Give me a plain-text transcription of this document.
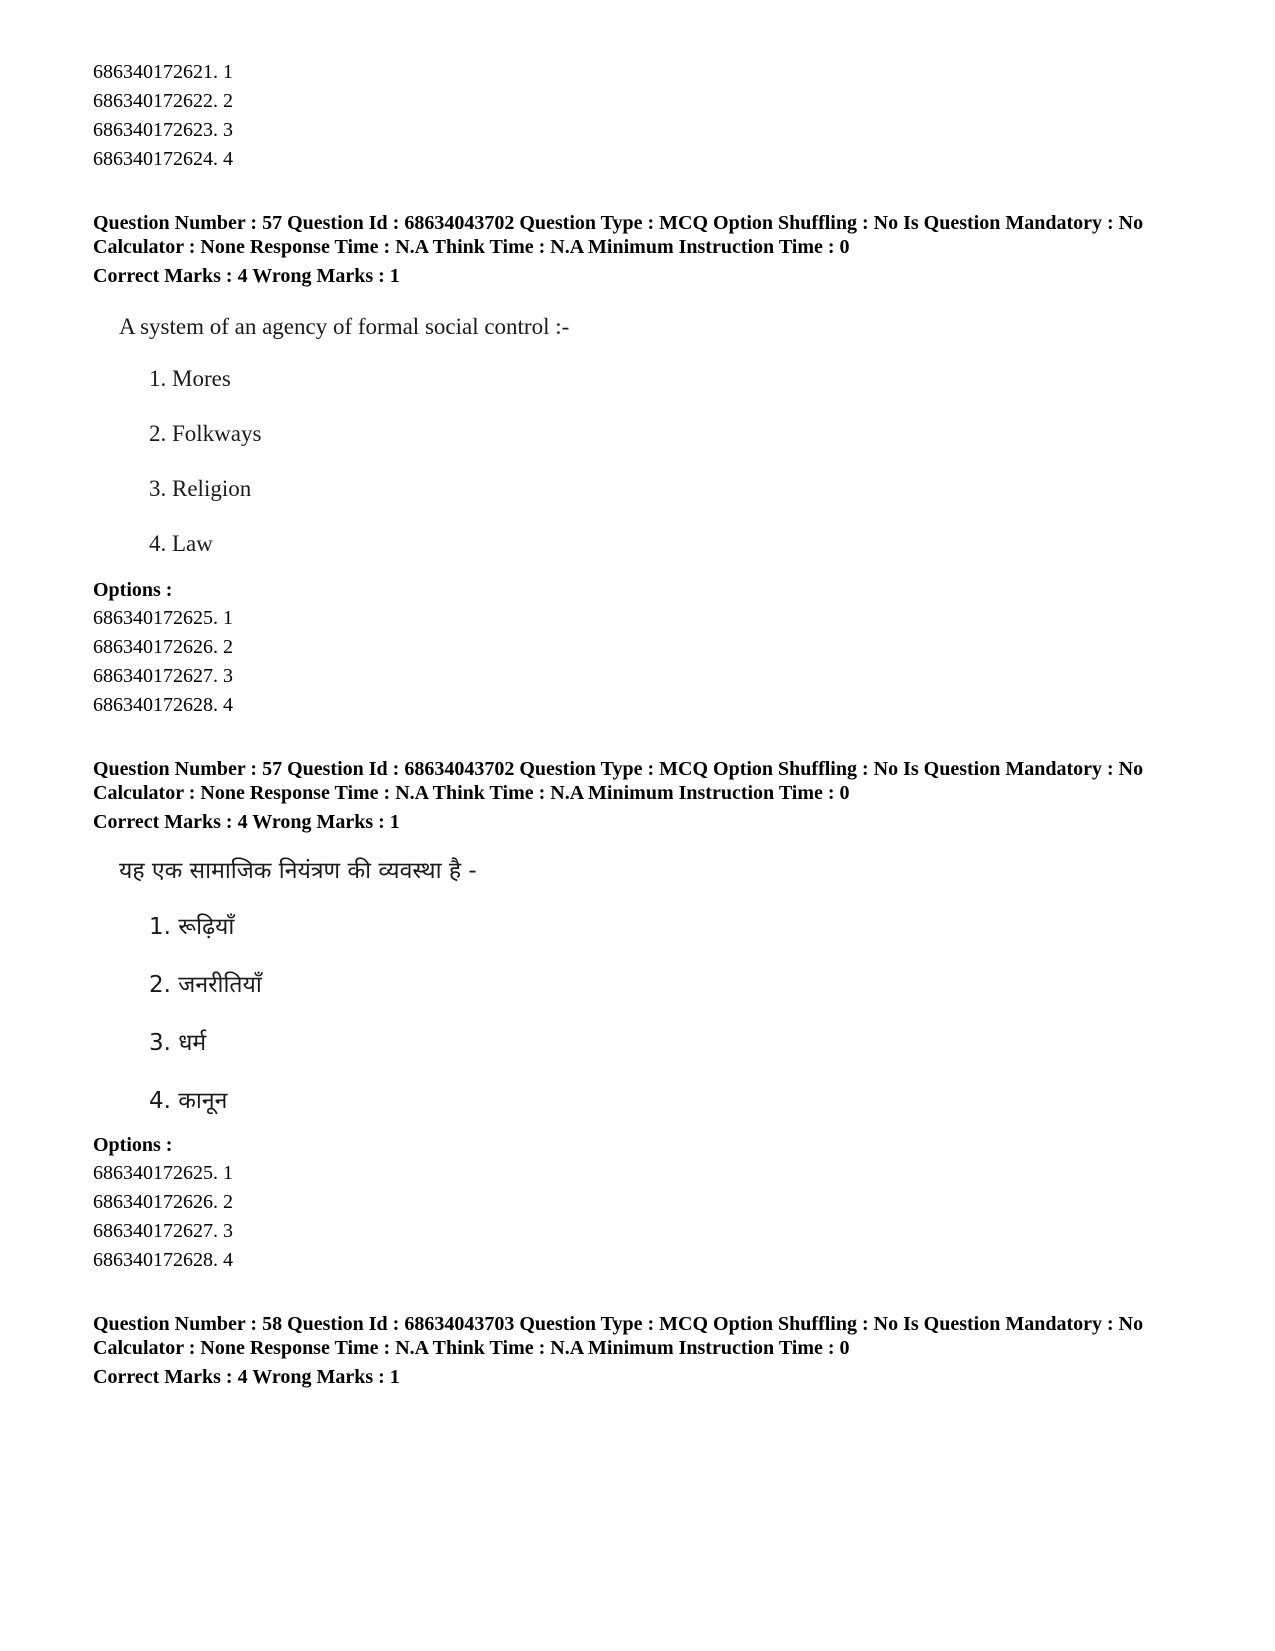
686340172621. 1
686340172622. 2
686340172623. 3
686340172624. 4
Question Number : 57 Question Id : 68634043702 Question Type : MCQ Option Shuffling : No Is Question Mandatory : No Calculator : None Response Time : N.A Think Time : N.A Minimum Instruction Time : 0
Correct Marks : 4 Wrong Marks : 1
A system of an agency of formal social control :-
1. Mores
2. Folkways
3. Religion
4. Law
Options :
686340172625. 1
686340172626. 2
686340172627. 3
686340172628. 4
Question Number : 57 Question Id : 68634043702 Question Type : MCQ Option Shuffling : No Is Question Mandatory : No Calculator : None Response Time : N.A Think Time : N.A Minimum Instruction Time : 0
Correct Marks : 4 Wrong Marks : 1
यह एक सामाजिक नियंत्रण की व्यवस्था है -
1. रूढ़ियाँ
2. जनरीतियाँ
3. धर्म
4. कानून
Options :
686340172625. 1
686340172626. 2
686340172627. 3
686340172628. 4
Question Number : 58 Question Id : 68634043703 Question Type : MCQ Option Shuffling : No Is Question Mandatory : No Calculator : None Response Time : N.A Think Time : N.A Minimum Instruction Time : 0
Correct Marks : 4 Wrong Marks : 1
